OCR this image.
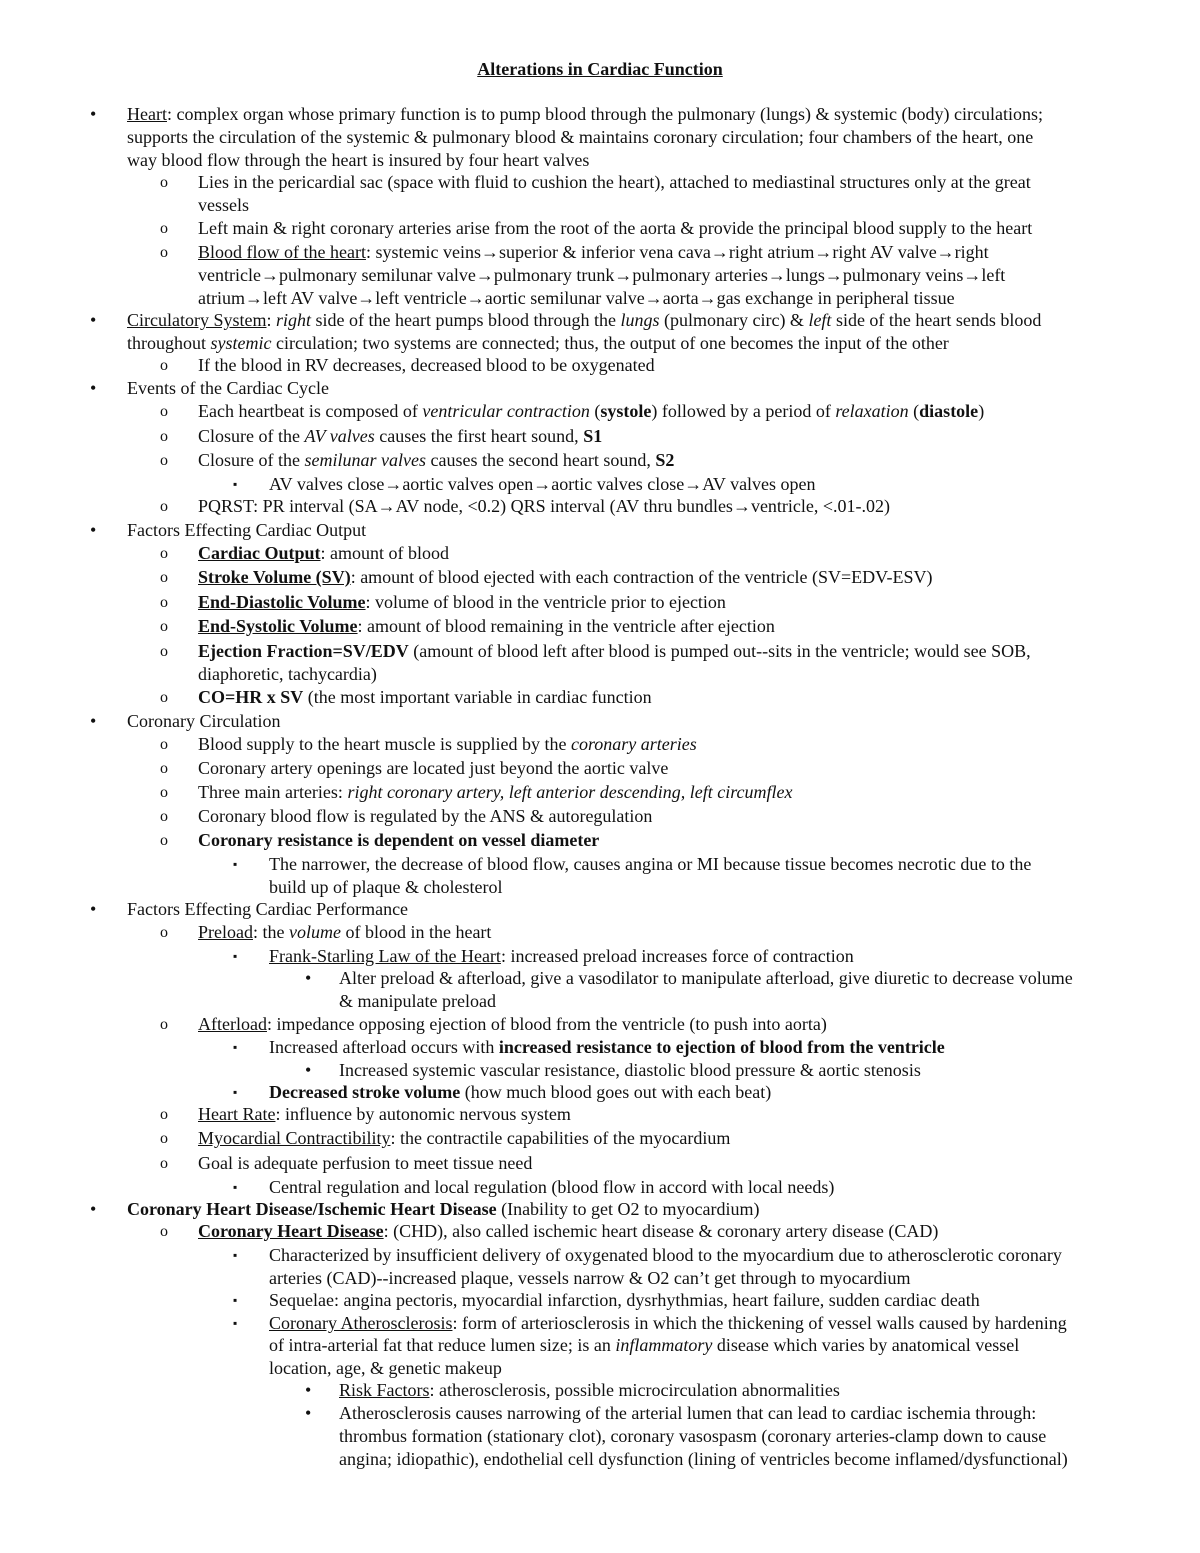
Alterations in Cardiac Function
• Heart: complex organ whose primary function is to pump blood through the pulmonary (lungs) & systemic (body) circulations;
supports the circulation of the systemic & pulmonary blood & maintains coronary circulation; four chambers of the heart, one
way blood flow through the heart is insured by four heart valves
o Lies in the pericardial sac (space with fluid to cushion the heart), attached to mediastinal structures only at the great
vessels
o Left main & right coronary arteries arise from the root of the aorta & provide the principal blood supply to the heart
o Blood flow of the heart: systemic veins→superior & inferior vena cava→right atrium→right AV valve→right
ventricle→pulmonary semilunar valve→pulmonary trunk→pulmonary arteries→lungs→pulmonary veins→left
atrium→left AV valve→left ventricle→aortic semilunar valve→aorta→gas exchange in peripheral tissue
• Circulatory System: right side of the heart pumps blood through the lungs (pulmonary circ) & left side of the heart sends blood
throughout systemic circulation; two systems are connected; thus, the output of one becomes the input of the other
o If the blood in RV decreases, decreased blood to be oxygenated
• Events of the Cardiac Cycle
o Each heartbeat is composed of ventricular contraction (systole) followed by a period of relaxation (diastole)
o Closure of the AV valves causes the first heart sound, S1
o Closure of the semilunar valves causes the second heart sound, S2
▪ AV valves close→aortic valves open→aortic valves close→AV valves open
o PQRST: PR interval (SA→AV node, <0.2) QRS interval (AV thru bundles→ventricle, <.01-.02)
• Factors Effecting Cardiac Output
o Cardiac Output: amount of blood
o Stroke Volume (SV): amount of blood ejected with each contraction of the ventricle (SV=EDV-ESV)
o End-Diastolic Volume: volume of blood in the ventricle prior to ejection
o End-Systolic Volume: amount of blood remaining in the ventricle after ejection
o Ejection Fraction=SV/EDV (amount of blood left after blood is pumped out--sits in the ventricle; would see SOB,
diaphoretic, tachycardia)
o CO=HR x SV (the most important variable in cardiac function
• Coronary Circulation
o Blood supply to the heart muscle is supplied by the coronary arteries
o Coronary artery openings are located just beyond the aortic valve
o Three main arteries: right coronary artery, left anterior descending, left circumflex
o Coronary blood flow is regulated by the ANS & autoregulation
o Coronary resistance is dependent on vessel diameter
▪ The narrower, the decrease of blood flow, causes angina or MI because tissue becomes necrotic due to the
build up of plaque & cholesterol
• Factors Effecting Cardiac Performance
o Preload: the volume of blood in the heart
▪ Frank-Starling Law of the Heart: increased preload increases force of contraction
• Alter preload & afterload, give a vasodilator to manipulate afterload, give diuretic to decrease volume
& manipulate preload
o Afterload: impedance opposing ejection of blood from the ventricle (to push into aorta)
▪ Increased afterload occurs with increased resistance to ejection of blood from the ventricle
• Increased systemic vascular resistance, diastolic blood pressure & aortic stenosis
▪ Decreased stroke volume (how much blood goes out with each beat)
o Heart Rate: influence by autonomic nervous system
o Myocardial Contractibility: the contractile capabilities of the myocardium
o Goal is adequate perfusion to meet tissue need
▪ Central regulation and local regulation (blood flow in accord with local needs)
• Coronary Heart Disease/Ischemic Heart Disease (Inability to get O2 to myocardium)
o Coronary Heart Disease: (CHD), also called ischemic heart disease & coronary artery disease (CAD)
▪ Characterized by insufficient delivery of oxygenated blood to the myocardium due to atherosclerotic coronary
arteries (CAD)--increased plaque, vessels narrow & O2 can’t get through to myocardium
▪ Sequelae: angina pectoris, myocardial infarction, dysrhythmias, heart failure, sudden cardiac death
▪ Coronary Atherosclerosis: form of arteriosclerosis in which the thickening of vessel walls caused by hardening
of intra-arterial fat that reduce lumen size; is an inflammatory disease which varies by anatomical vessel
location, age, & genetic makeup
• Risk Factors: atherosclerosis, possible microcirculation abnormalities
• Atherosclerosis causes narrowing of the arterial lumen that can lead to cardiac ischemia through:
thrombus formation (stationary clot), coronary vasospasm (coronary arteries-clamp down to cause
angina; idiopathic), endothelial cell dysfunction (lining of ventricles become inflamed/dysfunctional)
